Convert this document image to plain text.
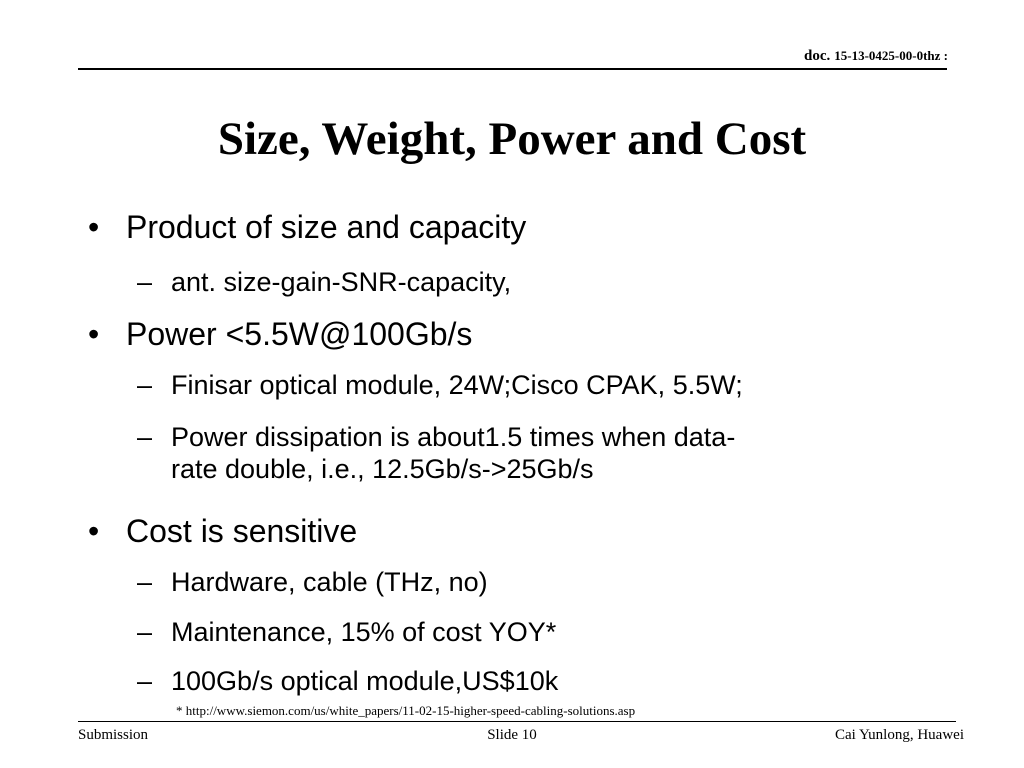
doc. 15-13-0425-00-0thz :
Size, Weight, Power and Cost
• Product of size and capacity
– ant. size-gain-SNR-capacity,
• Power <5.5W@100Gb/s
– Finisar optical module, 24W;Cisco CPAK, 5.5W;
– Power dissipation is about1.5 times when data-
rate double, i.e., 12.5Gb/s->25Gb/s
• Cost is sensitive
– Hardware, cable (THz, no)
– Maintenance, 15% of cost YOY*
– 100Gb/s optical module,US$10k
* http://www.siemon.com/us/white_papers/11-02-15-higher-speed-cabling-solutions.asp
Submission	Slide 10	Cai Yunlong, Huawei
